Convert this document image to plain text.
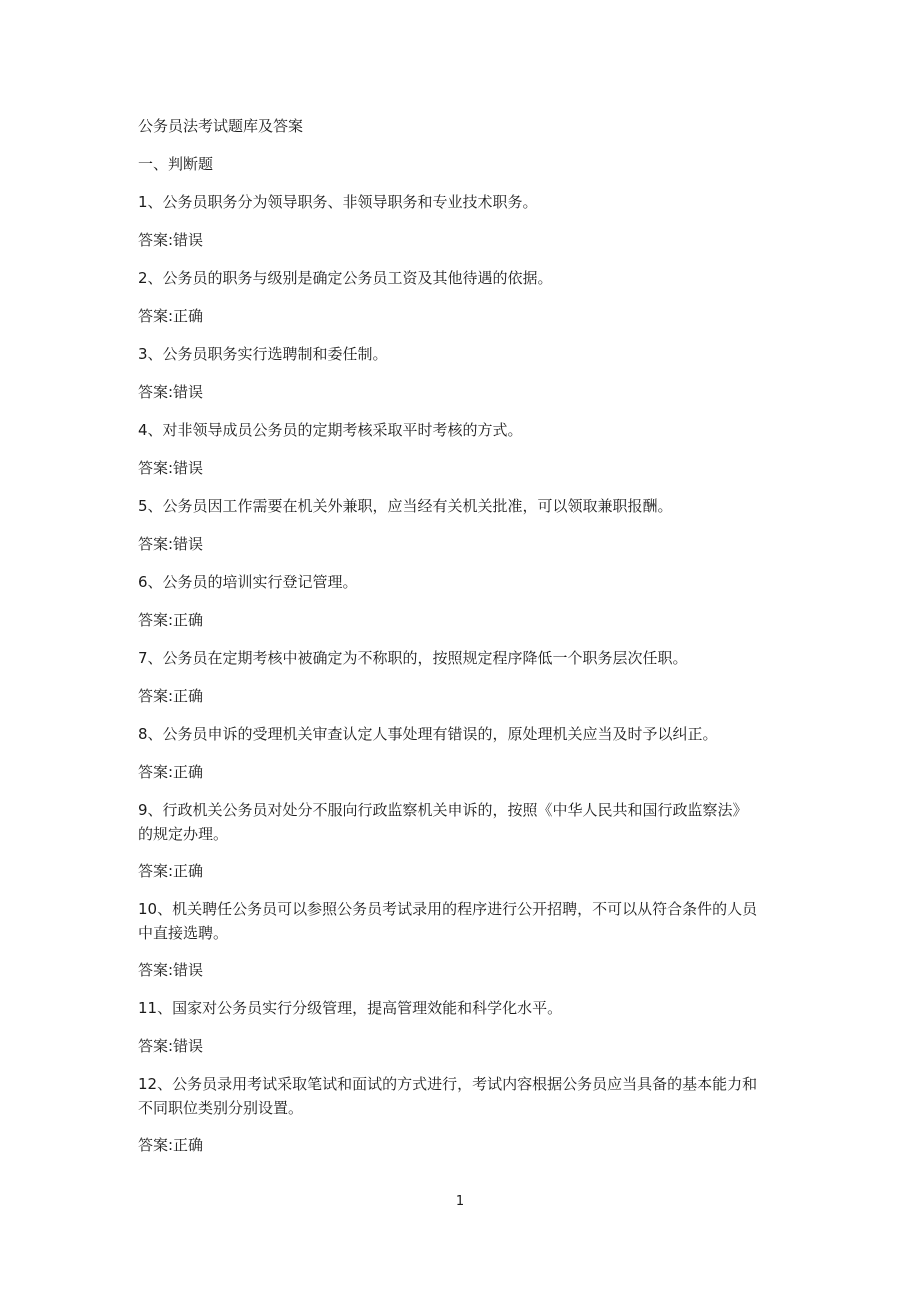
公务员法考试题库及答案
一、判断题
1、公务员职务分为领导职务、非领导职务和专业技术职务。
答案:错误
2、公务员的职务与级别是确定公务员工资及其他待遇的依据。
答案:正确
3、公务员职务实行选聘制和委任制。
答案:错误
4、对非领导成员公务员的定期考核采取平时考核的方式。
答案:错误
5、公务员因工作需要在机关外兼职，应当经有关机关批准，可以领取兼职报酬。
答案:错误
6、公务员的培训实行登记管理。
答案:正确
7、公务员在定期考核中被确定为不称职的，按照规定程序降低一个职务层次任职。
答案:正确
8、公务员申诉的受理机关审查认定人事处理有错误的，原处理机关应当及时予以纠正。
答案:正确
9、行政机关公务员对处分不服向行政监察机关申诉的，按照《中华人民共和国行政监察法》的规定办理。
答案:正确
10、机关聘任公务员可以参照公务员考试录用的程序进行公开招聘，不可以从符合条件的人员中直接选聘。
答案:错误
11、国家对公务员实行分级管理，提高管理效能和科学化水平。
答案:错误
12、公务员录用考试采取笔试和面试的方式进行，考试内容根据公务员应当具备的基本能力和不同职位类别分别设置。
答案:正确
1
